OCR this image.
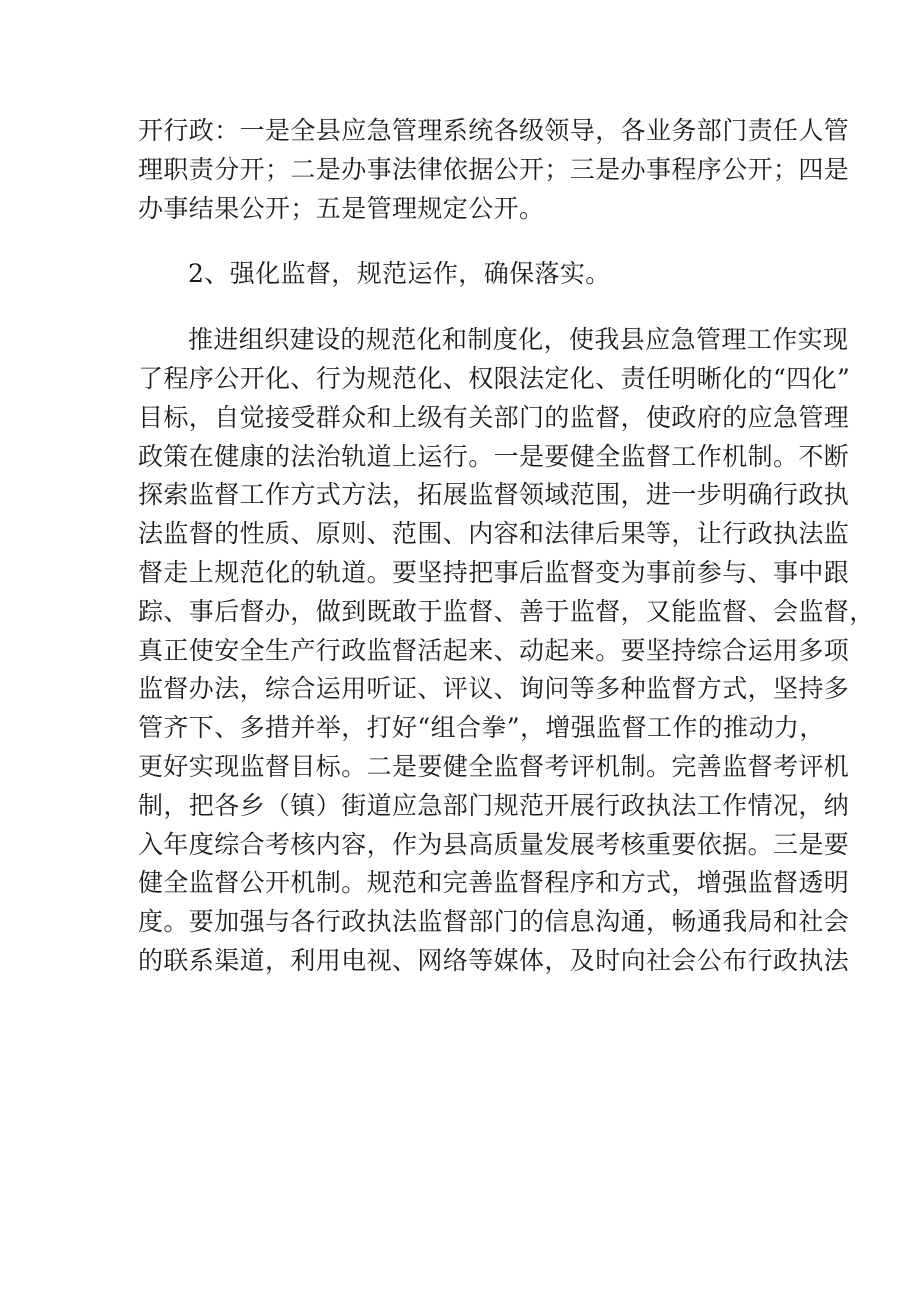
开行政：一是全县应急管理系统各级领导，各业务部门责任人管
理职责分开；二是办事法律依据公开；三是办事程序公开；四是
办事结果公开；五是管理规定公开。
2、强化监督，规范运作，确保落实。
推进组织建设的规范化和制度化，使我县应急管理工作实现
了程序公开化、行为规范化、权限法定化、责任明晰化的“四化”
目标，自觉接受群众和上级有关部门的监督，使政府的应急管理
政策在健康的法治轨道上运行。一是要健全监督工作机制。不断
探索监督工作方式方法，拓展监督领域范围，进一步明确行政执
法监督的性质、原则、范围、内容和法律后果等，让行政执法监
督走上规范化的轨道。要坚持把事后监督变为事前参与、事中跟
踪、事后督办，做到既敢于监督、善于监督，又能监督、会监督，
真正使安全生产行政监督活起来、动起来。要坚持综合运用多项
监督办法，综合运用听证、评议、询问等多种监督方式，坚持多
管齐下、多措并举，打好“组合拳”，增强监督工作的推动力，
更好实现监督目标。二是要健全监督考评机制。完善监督考评机
制，把各乡（镇）街道应急部门规范开展行政执法工作情况，纳
入年度综合考核内容，作为县高质量发展考核重要依据。三是要
健全监督公开机制。规范和完善监督程序和方式，增强监督透明
度。要加强与各行政执法监督部门的信息沟通，畅通我局和社会
的联系渠道，利用电视、网络等媒体，及时向社会公布行政执法
